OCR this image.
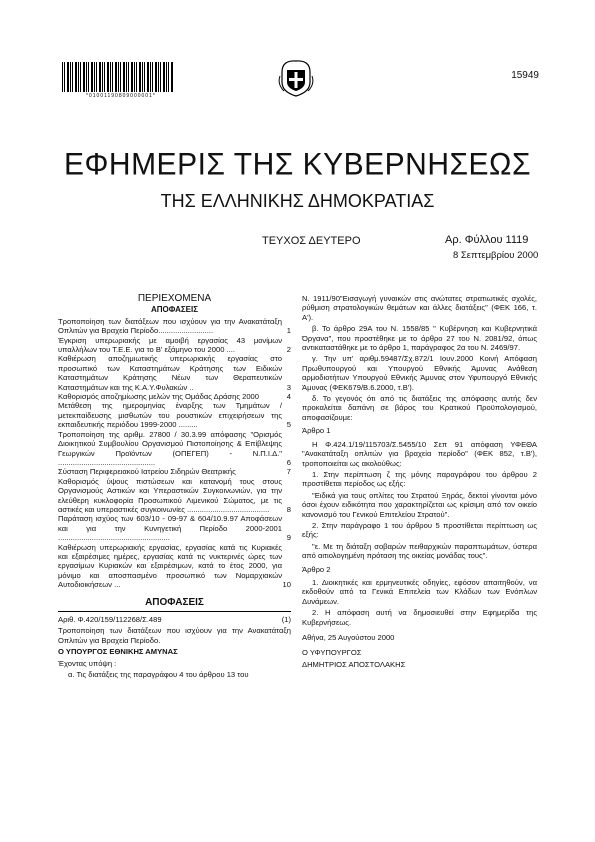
*01001190809000001*
15949
ΕΦΗΜΕΡΙΣ ΤΗΣ ΚΥΒΕΡΝΗΣΕΩΣ
ΤΗΣ ΕΛΛΗΝΙΚΗΣ ΔΗΜΟΚΡΑΤΙΑΣ
ΤΕΥΧΟΣ ΔΕΥΤΕΡΟ	Αρ. Φύλλου 1119
8 Σεπτεμβρίου 2000
ΠΕΡΙΕΧΟΜΕΝΑ
ΑΠΟΦΑΣΕΙΣ
Τροποποίηση των διατάξεων που ισχύουν για την Ανακατάταξη Οπλιτών για Βραχεία Περίοδο..........................	1
Έγκριση υπερωριακής με αμοιβή εργασίας 43 μονίμων υπαλλήλων του Τ.Ε.Ε. για το Β' εξάμηνο του 2000 ....	2
Καθιέρωση αποζημιωτικής υπερωριακής εργασίας στο προσωπικό των Καταστημάτων Κράτησης των Ειδικών Καταστημάτων Κράτησης Νέων των Θεραπευτικών Καταστημάτων και της Κ.Α.Υ.Φυλακών ..	3
Καθορισμός αποζημίωσης μελών της Ομάδας Δράσης 2000	4
Μετάθεση της ημερομηνίας έναρξης των Τμημάτων /μετεκπαίδευσης μισθωτών του ρουστικών επιχειρήσεων της εκπαιδευτικής περιόδου 1999-2000 .........	5
Τροποποίηση της αριθμ. 27800 / 30.3.99 απόφασης "Ορισμός Διοικητικού Συμβουλίου Οργανισμού Πιστοποίησης & Επίβλεψης Γεωργικών Προϊόντων (ΟΠΕΓΕΠ) - Ν.Π.Ι.Δ." ..............................................	6
Σύσταση Περιφερειακού Ιατρείου Σιδηρών Θεατρικής	7
Καθορισμός ύψους πιστώσεων και κατανομή τους στους Οργανισμούς Αστικών και Υπεραστικών Συγκοινωνιών, για την ελεύθερη κυκλοφορία Προσωπικού Λιμενικού Σώματος, με τις αστικές και υπεραστικές συγκοινωνίες ....................................... 8
Παράταση ισχύος των 603/10 - 09-97 & 604/10.9.97 Αποφάσεων και για την Κυνηγετική Περίοδο 2000-2001 .....................................................	9
Καθιέρωση υπερωριακής εργασίας, εργασίας κατά τις Κυριακές και εξαιρέσιμες ημέρες, εργασίας κατά τις νυκτερινές ώρες των εργασίμων Κυριακών και εξαιρέσιμων, κατά το έτος 2000, για μόνιμο και αποσπασμένο προσωπικό των Νομαρχιακών Αυτοδιοικήσεων ...	10
ΑΠΟΦΑΣΕΙΣ
Αριθ. Φ.420/159/112268/Σ.489	(1)
Τροποποίηση των διατάξεων που ισχύουν για την Ανακατάταξη Οπλιτών για Βραχεία Περίοδο.
Ο ΥΠΟΥΡΓΟΣ ΕΘΝΙΚΗΣ ΑΜΥΝΑΣ
Έχοντας υπόψη :
α. Τις διατάξεις της παραγράφου 4 του άρθρου 13 του
Ν. 1911/90"Εισαγωγή γυναικών στις ανώτατες στρατιωτικές σχολές, ρύθμιση στρατολογικών θεμάτων και άλλες διατάξεις" (ΦΕΚ 166, τ. Α').
β. Το άρθρο 29Α του Ν. 1558/85 " Κυβέρνηση και Κυβερνητικά Όργανα", που προστέθηκε με το άρθρο 27 του Ν. 2081/92, όπως αντικαταστάθηκε με το άρθρο 1, παράγραφος 2α του Ν. 2469/97.
γ. Την υπ' αριθμ.59487/Σχ.872/1 Ιουν.2000 Κοινή Απόφαση Πρωθυπουργού και Υπουργού Εθνικής Άμυνας Ανάθεση αρμοδιοτήτων Υπουργού Εθνικής Άμυνας στον Υφυπουργό Εθνικής Άμυνας (ΦΕΚ679/Β.6.2000, τ.Β').
δ. Το γεγονός ότι από τις διατάξεις της απόφασης αυτής δεν προκαλείται δαπάνη σε βάρος του Κρατικού Προϋπολογισμού, αποφασίζουμε:
Άρθρο 1
Η Φ.424.1/19/115703/Σ.5455/10 Σεπ 91 απόφαση ΥΦΕΘΑ "Ανακατάταξη οπλιτών για βραχεία περίοδο" (ΦΕΚ 852, τ.Β'), τροποποιείται ως ακολούθως:
1. Στην περίπτωση ζ της μόνης παραγράφου του άρθρου 2 προστίθεται περίοδος ως εξής:
"Ειδικά για τους οπλίτες του Στρατού Ξηράς, δεκτοί γίνονται μόνο όσοι έχουν ειδικότητα που χαρακτηρίζεται ως κρίσιμη από τον οικείο κανονισμό του Γενικού Επιτελείου Στρατού".
2. Στην παράγραφο 1 του άρθρου 5 προστίθεται περίπτωση ως εξής:
"ε. Με τη διάταξη σοβαρών πειθαρχικών παραπτωμάτων, ύστερα από αιτιολογημένη πρόταση της οικείας μονάδας τους".
Άρθρο 2
1. Διοικητικές και ερμηνευτικές οδηγίες, εφόσον απαιτηθούν, να εκδοθούν από τα Γενικά Επιτελεία των Κλάδων των Ενόπλων Δυνάμεων.
2. Η απόφαση αυτή να δημοσιευθεί στην Εφημερίδα της Κυβερνήσεως.
Αθήνα, 25 Αυγούστου 2000
Ο ΥΦΥΠΟΥΡΓΟΣ
ΔΗΜΗΤΡΙΟΣ ΑΠΟΣΤΟΛΑΚΗΣ
